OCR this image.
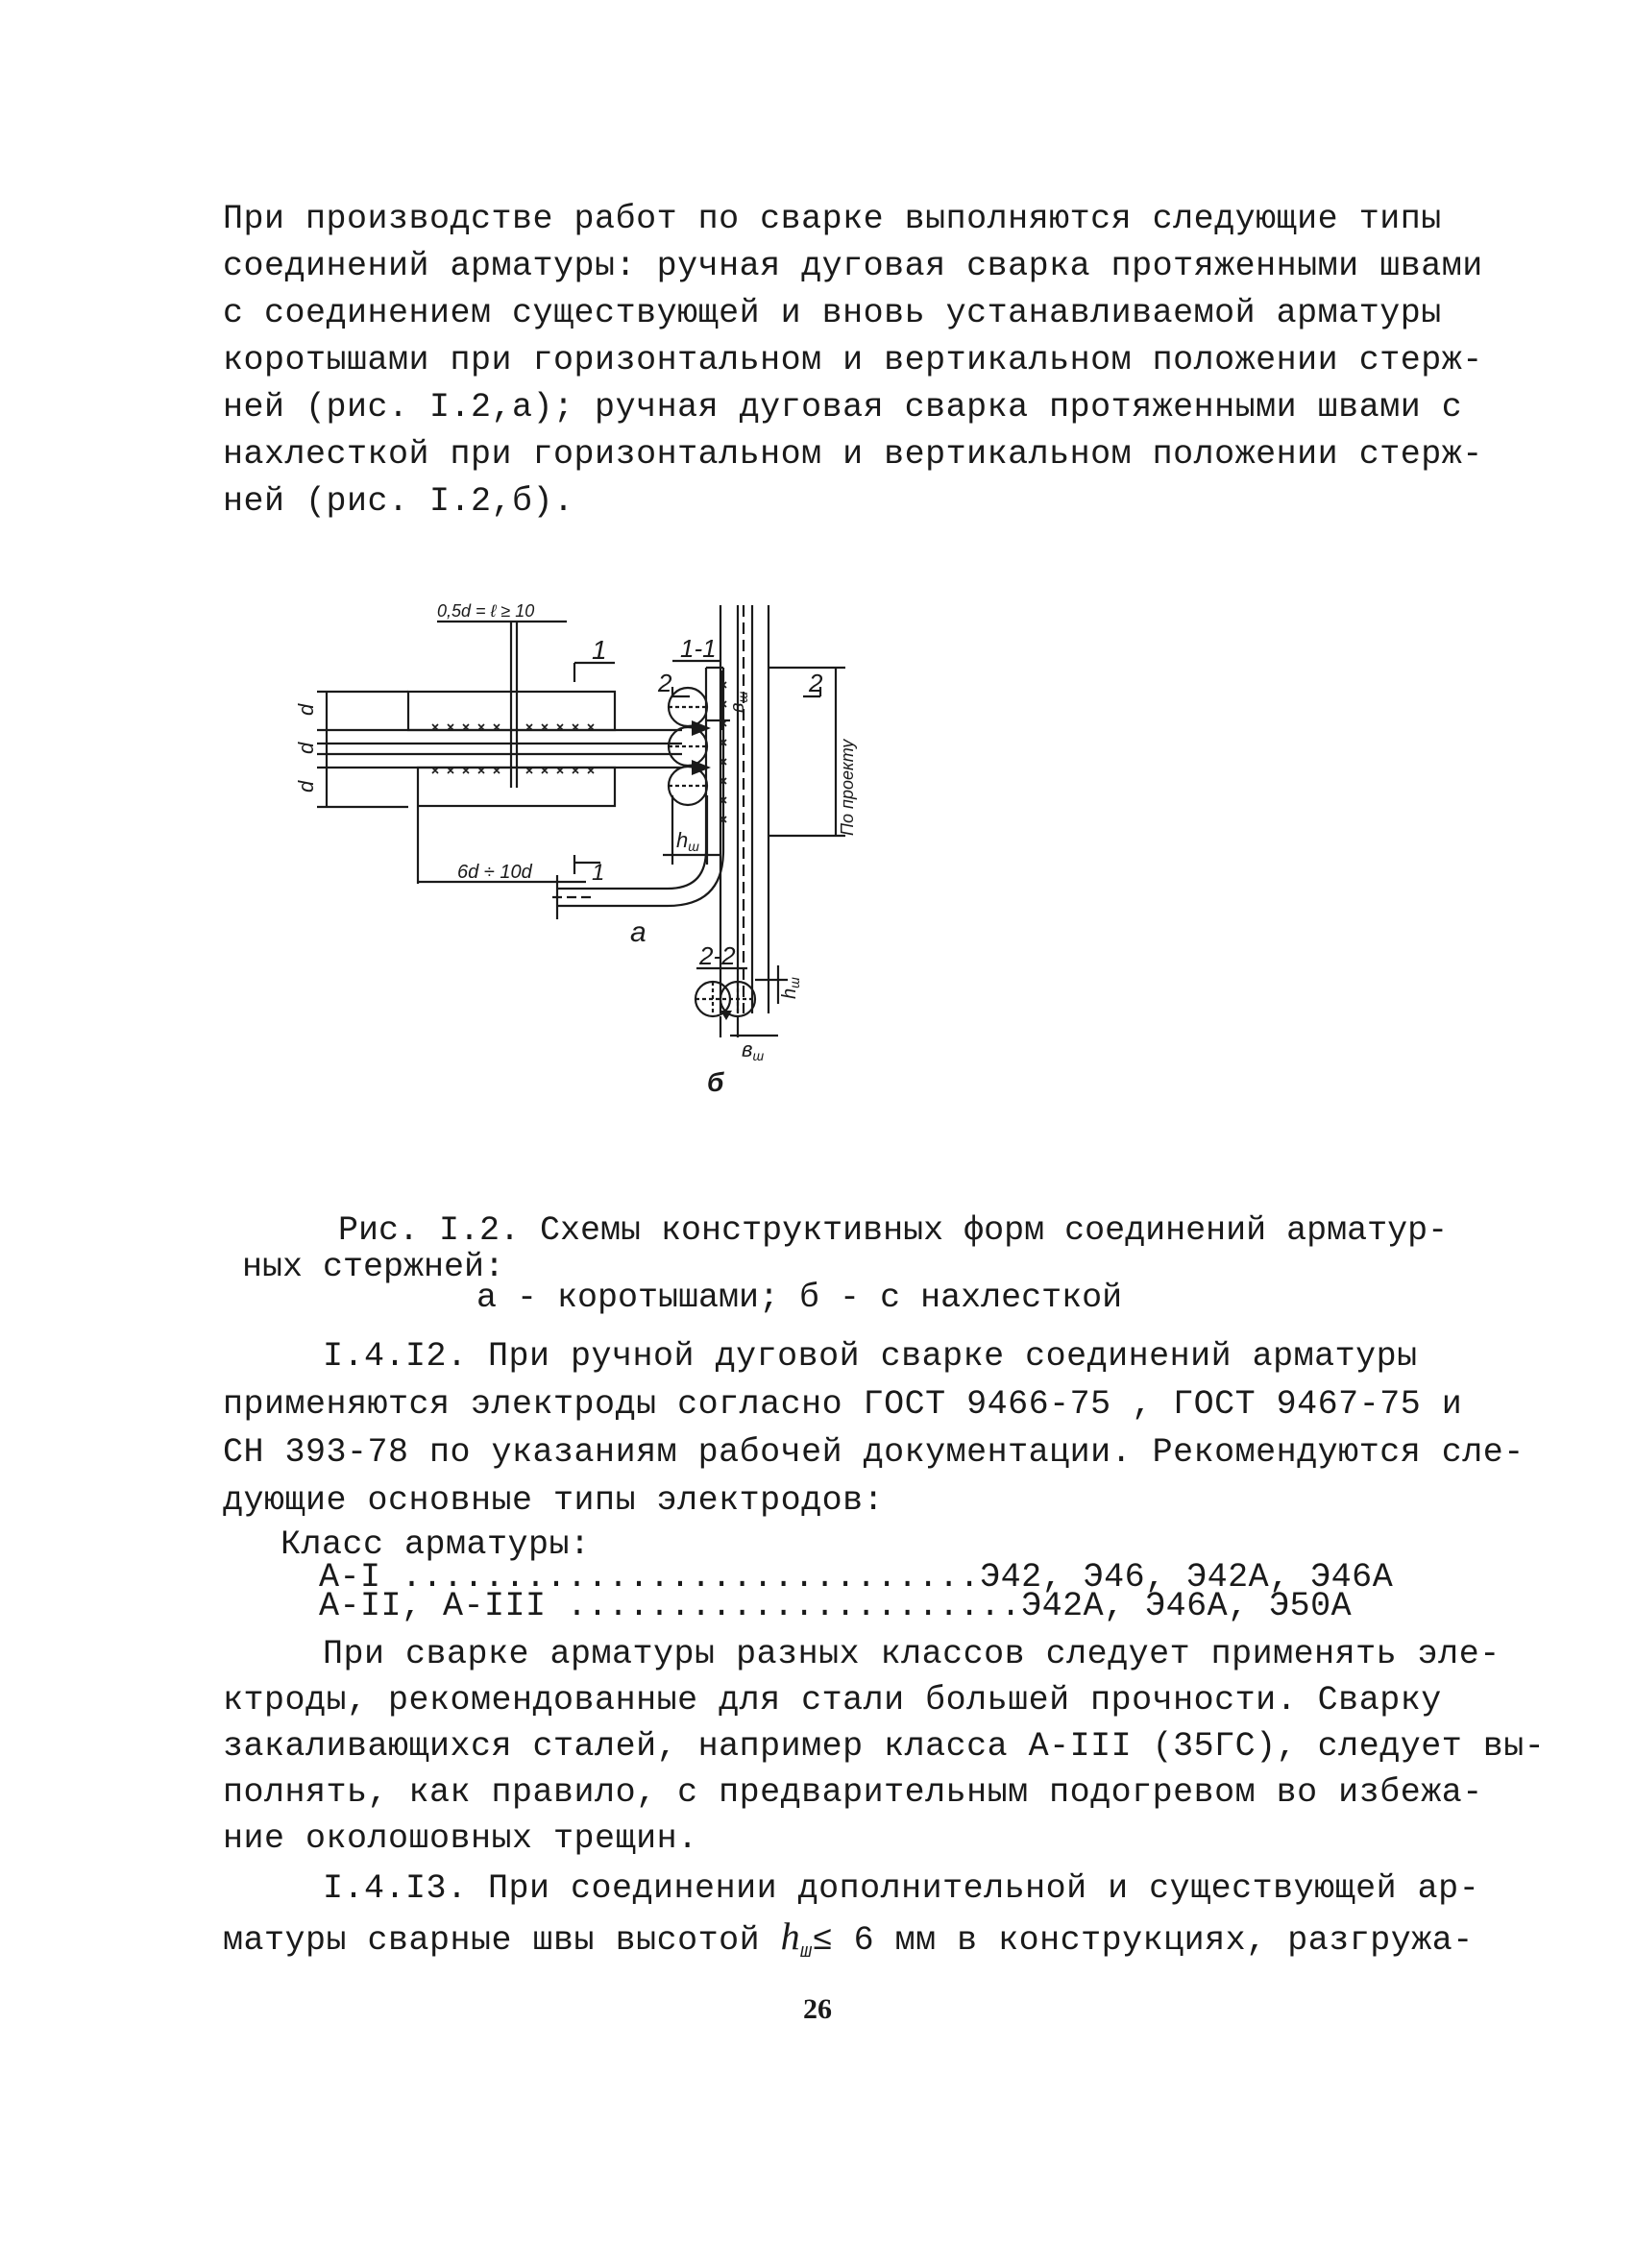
При производстве работ по сварке выполняются следующие типы
соединений арматуры: ручная дуговая сварка протяженными швами
с соединением существующей и вновь устанавливаемой арматуры
коротышами при горизонтальном и вертикальном положении стерж-
ней (рис. I.2,а); ручная дуговая сварка протяженными швами с
нахлесткой при горизонтальном и вертикальном положении стерж-
ней (рис. I.2,б).
0,5d = ℓ ≥ 10
1
1
6d ÷ 10d
d
d
d
1-1
$в_ш$
hш
а
2	2
По проекту
2-2
$h_ш$
вш
б
Рис. I.2. Схемы конструктивных форм соединений арматур-
ных стержней:
а - коротышами; б - с нахлесткой
I.4.I2. При ручной дуговой сварке соединений арматуры
применяются электроды согласно ГОСТ 9466-75 , ГОСТ 9467-75 и
СН 393-78 по указаниям рабочей документации. Рекомендуются сле-
дующие основные типы электродов:
Класс арматуры:
А-I ............................Э42, Э46, Э42А, Э46А
А-II, А-III ......................Э42А, Э46А, Э50А
При сварке арматуры разных классов следует применять эле-
ктроды, рекомендованные для стали большей прочности. Сварку
закаливающихся сталей, например класса А-III (35ГС), следует вы-
полнять, как правило, с предварительным подогревом во избежа-
ние околошовных трещин.
I.4.I3. При соединении дополнительной и существующей ар-
матуры сварные швы высотой $h_ш\le 6$ мм в конструкциях, разгружа-
26
